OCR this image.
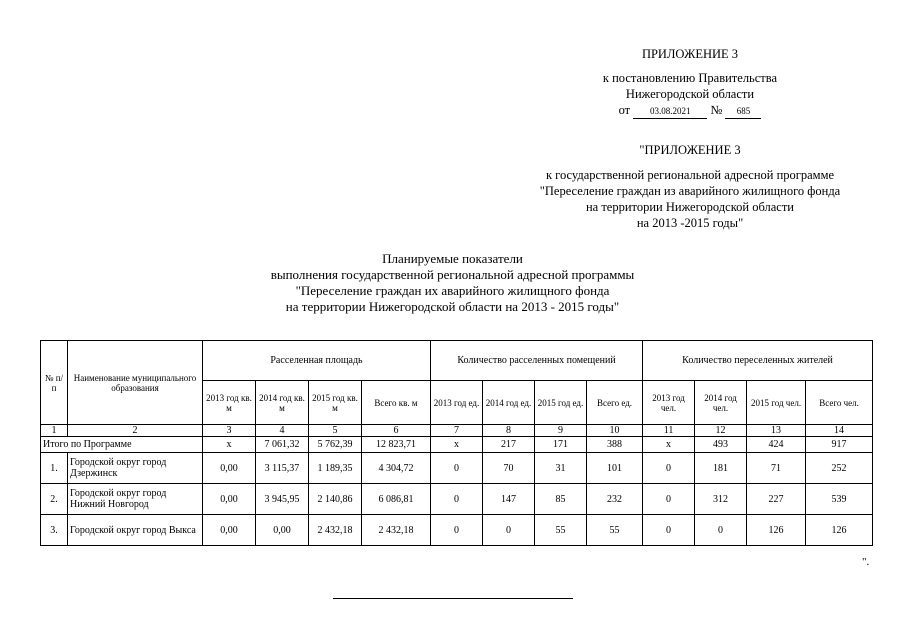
ПРИЛОЖЕНИЕ 3
к постановлению Правительства
Нижегородской области
от 03.08.2021 № 685
"ПРИЛОЖЕНИЕ 3
к государственной региональной адресной программе
"Переселение граждан из аварийного жилищного фонда
на территории Нижегородской области
на 2013 -2015 годы"
Планируемые показатели
выполнения государственной региональной адресной программы
"Переселение граждан их аварийного жилищного фонда
на территории Нижегородской области на 2013 - 2015 годы"
№ п/п	Наименование муниципального образования	Расселенная площадь				Количество расселенных помещений				Количество переселенных жителей			
		2013 год кв. м	2014 год кв. м	2015 год кв. м	Всего кв. м	2013 год ед.	2014 год ед.	2015 год ед.	Всего ед.	2013 год чел.	2014 год чел.	2015 год чел.	Всего чел.
1	2	3	4	5	6	7	8	9	10	11	12	13	14
Итого по Программе		x	7 061,32	5 762,39	12 823,71	x	217	171	388	x	493	424	917
1.	Городской округ город Дзержинск	0,00	3 115,37	1 189,35	4 304,72	0	70	31	101	0	181	71	252
2.	Городской округ город Нижний Новгород	0,00	3 945,95	2 140,86	6 086,81	0	147	85	232	0	312	227	539
3.	Городской округ город Выкса	0,00	0,00	2 432,18	2 432,18	0	0	55	55	0	0	126	126
".
